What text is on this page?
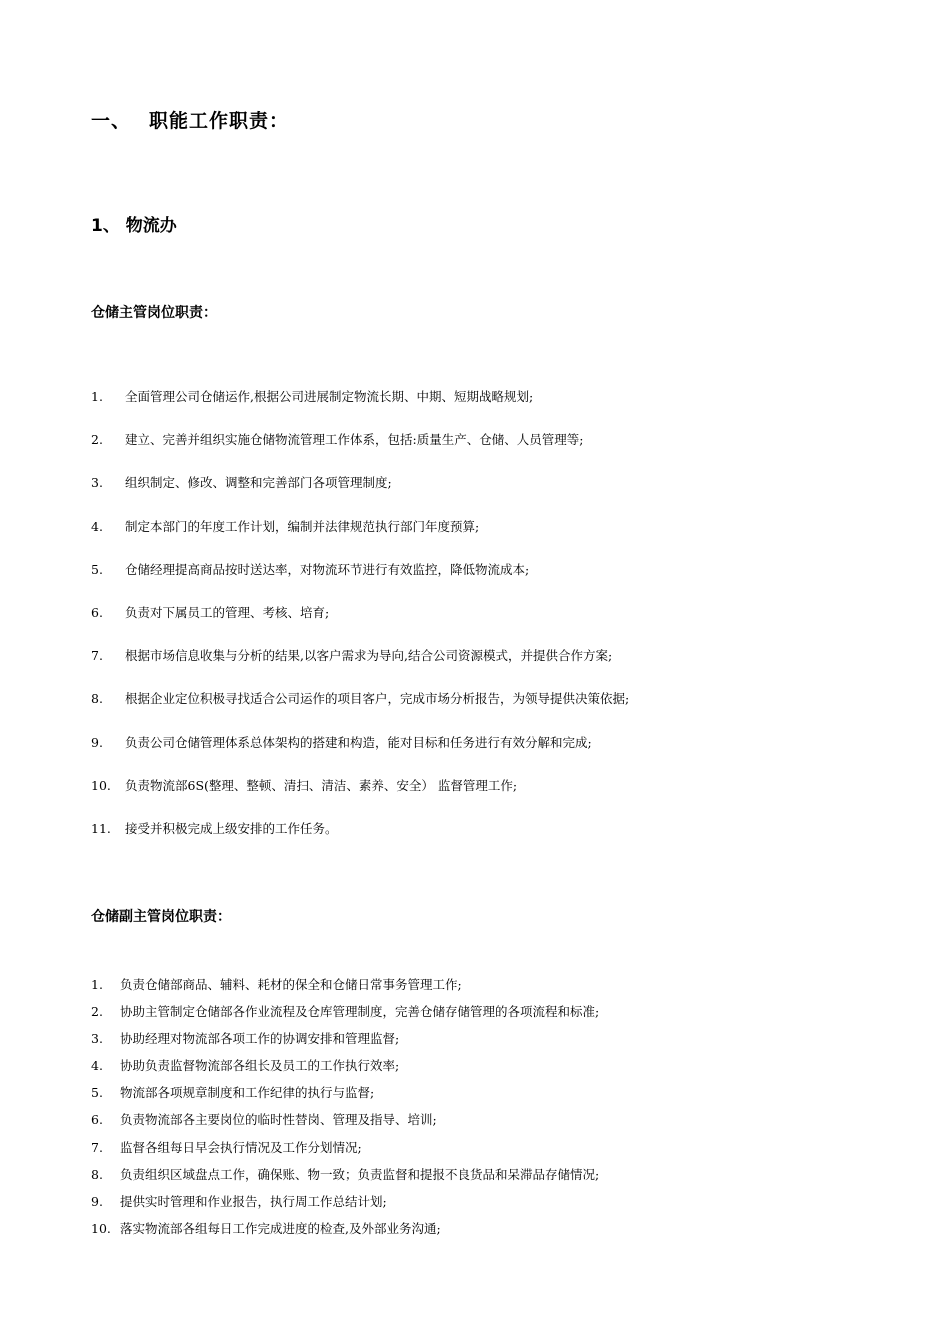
一、 职能工作职责：
1、 物流办
仓储主管岗位职责：
1. 全面管理公司仓储运作,根据公司进展制定物流长期、中期、短期战略规划;
2. 建立、完善并组织实施仓储物流管理工作体系，包括:质量生产、仓储、人员管理等;
3. 组织制定、修改、调整和完善部门各项管理制度;
4. 制定本部门的年度工作计划，编制并法律规范执行部门年度预算;
5. 仓储经理提高商品按时送达率，对物流环节进行有效监控，降低物流成本;
6. 负责对下属员工的管理、考核、培育;
7. 根据市场信息收集与分析的结果,以客户需求为导向,结合公司资源模式，并提供合作方案;
8. 根据企业定位积极寻找适合公司运作的项目客户，完成市场分析报告，为领导提供决策依据;
9. 负责公司仓储管理体系总体架构的搭建和构造，能对目标和任务进行有效分解和完成;
10. 负责物流部6S(整理、整顿、清扫、清洁、素养、安全） 监督管理工作;
11. 接受并积极完成上级安排的工作任务。
仓储副主管岗位职责：
1. 负责仓储部商品、辅料、耗材的保全和仓储日常事务管理工作;
2. 协助主管制定仓储部各作业流程及仓库管理制度，完善仓储存储管理的各项流程和标准;
3. 协助经理对物流部各项工作的协调安排和管理监督;
4. 协助负责监督物流部各组长及员工的工作执行效率;
5. 物流部各项规章制度和工作纪律的执行与监督;
6. 负责物流部各主要岗位的临时性替岗、管理及指导、培训;
7. 监督各组每日早会执行情况及工作分划情况;
8. 负责组织区域盘点工作，确保账、物一致；负责监督和提报不良货品和呆滞品存储情况;
9. 提供实时管理和作业报告，执行周工作总结计划;
10. 落实物流部各组每日工作完成进度的检查,及外部业务沟通;
